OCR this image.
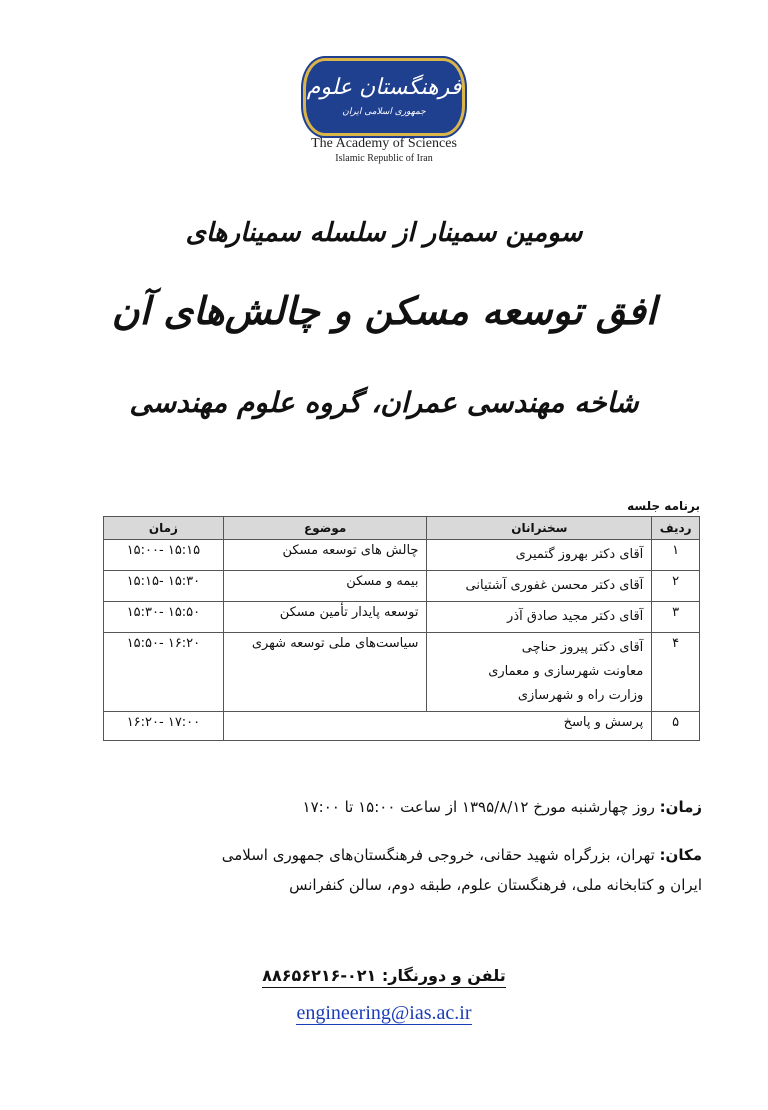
فرهنگستان علوم
جمهوری اسلامی ایران
The Academy of Sciences
Islamic Republic of Iran
سومین سمینار از سلسله سمینارهای
افق توسعه مسکن و چالش‌های آن
شاخه مهندسی عمران، گروه علوم مهندسی
برنامه جلسه
ردیف	سخنرانان	موضوع	زمان
۱	آقای دکتر بهروز گتمیری	چالش های توسعه مسکن	۱۵:۰۰- ۱۵:۱۵
۲	آقای دکتر محسن غفوری آشتیانی	بیمه و مسکن	۱۵:۱۵- ۱۵:۳۰
۳	آقای دکتر مجید صادق آذر	توسعه پایدار تأمین مسکن	۱۵:۳۰- ۱۵:۵۰
۴	آقای دکتر پیروز حناچی
معاونت شهرسازی و معماری
وزارت راه و شهرسازی	سیاست‌های ملی توسعه شهری	۱۵:۵۰- ۱۶:۲۰
۵	پرسش و پاسخ		۱۶:۲۰- ۱۷:۰۰
زمان: روز چهارشنبه مورخ ۱۳۹۵/۸/۱۲ از ساعت ۱۵:۰۰ تا ۱۷:۰۰
مکان: تهران، بزرگراه شهید حقانی، خروجی فرهنگستان‌های جمهوری اسلامی
ایران و کتابخانه ملی، فرهنگستان علوم، طبقه دوم، سالن کنفرانس
تلفن و دورنگار: ۰۲۱-۸۸۶۵۶۲۱۶
engineering@ias.ac.ir
